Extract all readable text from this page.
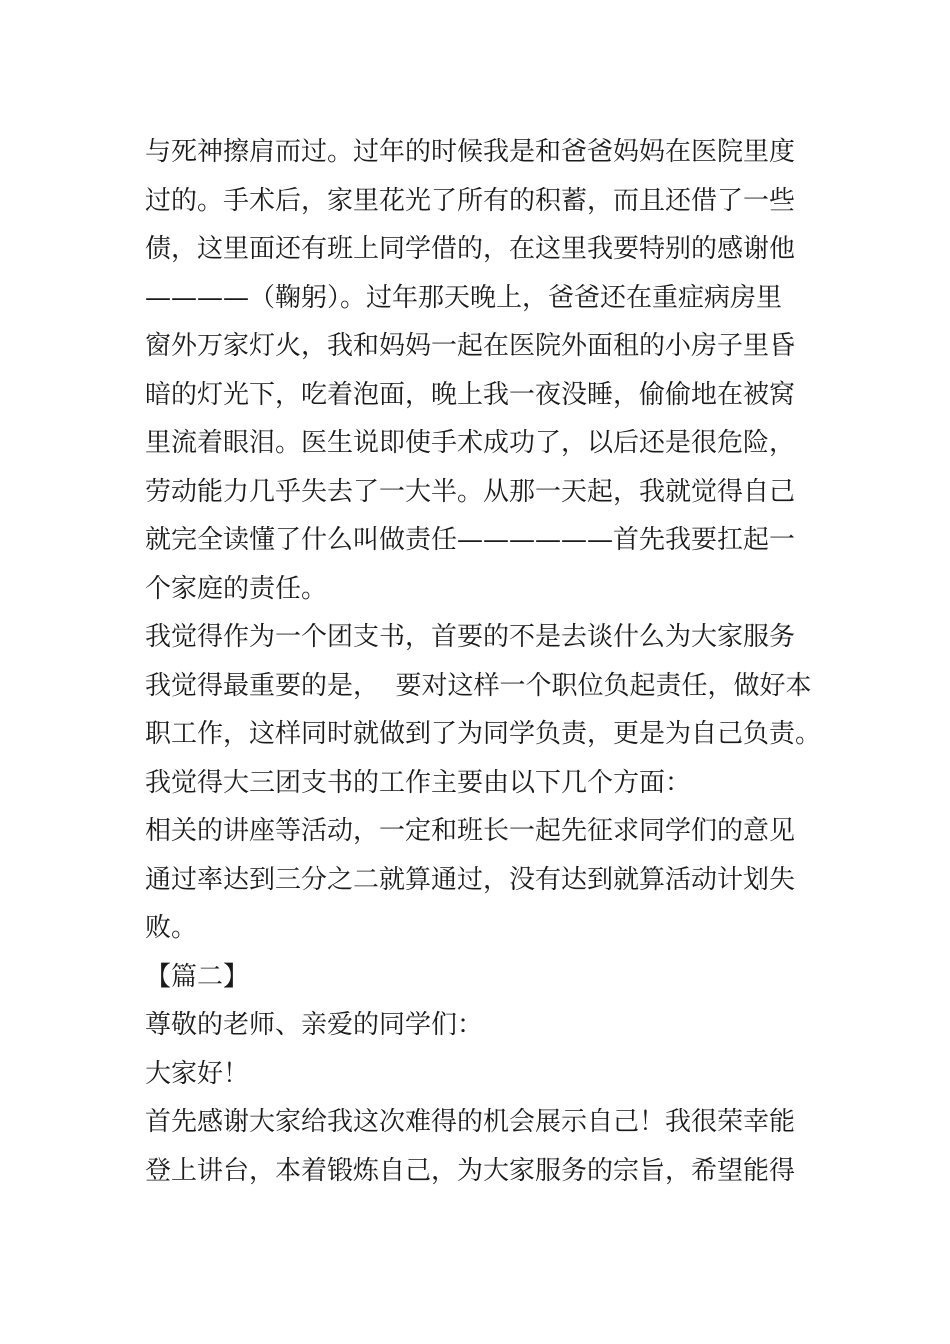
与死神擦肩而过。过年的时候我是和爸爸妈妈在医院里度
过的。手术后，家里花光了所有的积蓄，而且还借了一些
债，这里面还有班上同学借的，在这里我要特别的感谢他
————（鞠躬）。过年那天晚上，爸爸还在重症病房里
窗外万家灯火，我和妈妈一起在医院外面租的小房子里昏
暗的灯光下，吃着泡面，晚上我一夜没睡，偷偷地在被窝
里流着眼泪。医生说即使手术成功了，以后还是很危险，
劳动能力几乎失去了一大半。从那一天起，我就觉得自己
就完全读懂了什么叫做责任——————首先我要扛起一
个家庭的责任。
我觉得作为一个团支书，首要的不是去谈什么为大家服务
我觉得最重要的是，  要对这样一个职位负起责任，做好本
职工作，这样同时就做到了为同学负责，更是为自己负责。
我觉得大三团支书的工作主要由以下几个方面：
相关的讲座等活动，一定和班长一起先征求同学们的意见
通过率达到三分之二就算通过，没有达到就算活动计划失
败。
【篇二】
尊敬的老师、亲爱的同学们：
大家好！
首先感谢大家给我这次难得的机会展示自己！我很荣幸能
登上讲台，本着锻炼自己，为大家服务的宗旨，希望能得
